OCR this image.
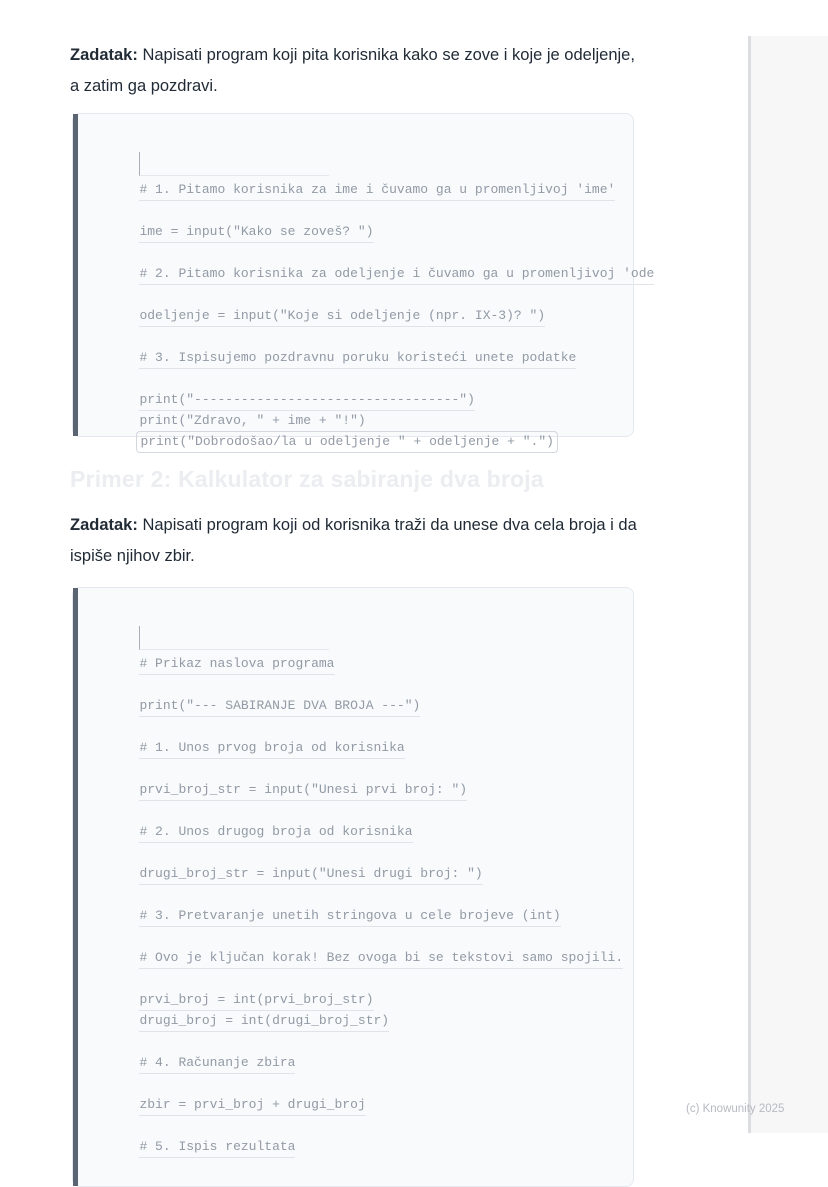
Zadatak: Napisati program koji pita korisnika kako se zove i koje je odeljenje, a zatim ga pozdravi.

# 1. Pitamo korisnika za ime i čuvamo ga u promenljivoj 'ime'

ime = input("Kako se zoveš? ")

# 2. Pitamo korisnika za odeljenje i čuvamo ga u promenljivoj 'ode

odeljenje = input("Koje si odeljenje (npr. IX-3)? ")

# 3. Ispisujemo pozdravnu poruku koristeći unete podatke

print("----------------------------------")

print("Zdravo, " + ime + "!")

print("Dobrodošao/la u odeljenje " + odeljenje + ".")

Primer 2: Kalkulator za sabiranje dva broja
Zadatak: Napisati program koji od korisnika traži da unese dva cela broja i da ispiše njihov zbir.

# Prikaz naslova programa

print("--- SABIRANJE DVA BROJA ---")

# 1. Unos prvog broja od korisnika

prvi_broj_str = input("Unesi prvi broj: ")

# 2. Unos drugog broja od korisnika

drugi_broj_str = input("Unesi drugi broj: ")

# 3. Pretvaranje unetih stringova u cele brojeve (int)

# Ovo je ključan korak! Bez ovoga bi se tekstovi samo spojili.

prvi_broj = int(prvi_broj_str)

drugi_broj = int(drugi_broj_str)

# 4. Računanje zbira

zbir = prvi_broj + drugi_broj

# 5. Ispis rezultata

(c) Knowunity 2025
